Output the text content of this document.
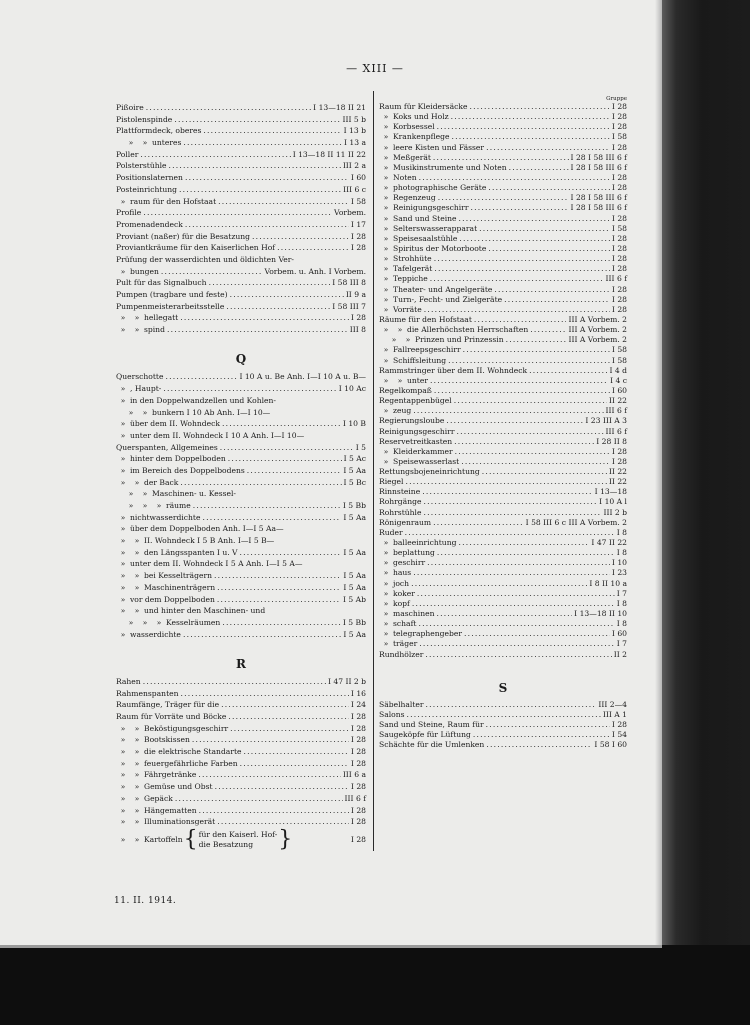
— XIII —
Pißoire . . .	I 13—18 II 21
Pistolenspinde . . .	III 5 b
Plattformdeck, oberes . . .	I 13 b
» » unteres . . .	I 13 a
Poller . . .	I 13—18 II 11 II 22
Polsterstühle . . .	III 2 a
Positionslaternen . . .	I 60
Posteinrichtung . . .	III 6 c
» raum für den Hofstaat . . .	I 58
Profile . . .	Vorbem.
Promenadendeck . . .	I 17
Proviant (naßer) für die Besatzung . . .	I 28
Proviantkräume für den Kaiserlichen Hof . . .	I 28
Prüfung der wasserdichten und öldichten Ver-
» bungen . . .	Vorbem. u. Anh. I Vorbem.
Pult für das Signalbuch . . .	I 58 III 8
Pumpen (tragbare und feste) . . .	II 9 a
Pumpenmeisterarbeitsstelle . . .	I 58 III 7
» » hellegatt . . .	I 28
» » spind . . .	III 8
Q
Querschotte . . .	I 10 A u. Be Anh. I—I 10 A u. B—
» , Haupt- . . .	I 10 Ac
» in den Doppelwandzellen und Kohlen-
» » bunkern I 10 Ab Anh. I—I 10—
» über dem II. Wohndeck . . .	I 10 B
» unter dem II. Wohndeck I 10 A Anh. I—I 10—
Querspanten, Allgemeines . . .	I 5
» hinter dem Doppelboden . . .	I 5 Ac
» im Bereich des Doppelbodens . . .	I 5 Aa
» » der Back . . .	I 5 Bc
» » Maschinen- u. Kessel-
» » » räume . . .	I 5 Bb
» nichtwasserdichte . . .	I 5 Aa
» über dem Doppelboden Anh. I—I 5 Aa—
» » II. Wohndeck I 5 B Anh. I—I 5 B—
» » den Längsspanten I u. V . . .	I 5 Aa
» unter dem II. Wohndeck I 5 A Anh. I—I 5 A—
» » bei Kesselträgern . . .	I 5 Aa
» » Maschinenträgern . . .	I 5 Aa
» vor dem Doppelboden . . .	I 5 Ab
» » und hinter den Maschinen- und
» » » Kesselräumen . . .	I 5 Bb
» wasserdichte . . .	I 5 Aa
R
Rahen . . .	I 47 II 2 b
Rahmenspanten . . .	I 16
Raumfänge, Träger für die . . .	I 24
Raum für Vorräte und Böcke . . .	I 28
» » Beköstigungsgeschirr . . .	I 28
» » Bootskissen . . .	I 28
» » die elektrische Standarte . . .	I 28
» » feuergefährliche Farben . . .	I 28
» » Fährgetränke . . .	III 6 a
» » Gemüse und Obst . . .	I 28
» » Gepäck . . .	III 6 f
» » Hängematten . . .	I 28
» » Illuminationsgerät . . .	I 28
»	» Kartoffeln { für den Kaiserl. Hof-
die Besatzung	}	I 28
Gruppe
Raum für Kleidersäcke . . .	I 28
» Koks und Holz . . .	I 28
» Korbsessel . . .	I 28
» Krankenpflege . . .	I 58
» leere Kisten und Fässer . . .	I 28
» Meßgerät . . .	I 28 I 58 III 6 f
» Musikinstrumente und Noten . . .	I 28 I 58 III 6 f
» Noten . . .	I 28
» photographische Geräte . . .	I 28
» Regenzeug . . .	I 28 I 58 III 6 f
» Reinigungsgeschirr . . .	I 28 I 58 III 6 f
» Sand und Steine . . .	I 28
» Selterswasserapparat . . .	I 58
» Speisesaalstühle . . .	I 28
» Spiritus der Motorboote . . .	I 28
» Strohhüte . . .	I 28
» Tafelgerät . . .	I 28
» Teppiche . . .	III 6 f
» Theater- und Angelgeräte . . .	I 28
» Turn-, Fecht- und Zielgeräte . . .	I 28
» Vorräte . . .	I 28
Räume für den Hofstaat . . .	III A Vorbem. 2
» » die Allerhöchsten Herrschaften . . .	III A Vorbem. 2
» » Prinzen und Prinzessin . . .	III A Vorbem. 2
» Fallreepsgeschirr . . .	I 58
» Schiffsleitung . . .	I 58
Rammstringer über dem II. Wohndeck . . .	I 4 d
» » unter . . .	I 4 c
Regelkompaß . . .	I 60
Regentappenbügel . . .	II 22
» zeug . . .	III 6 f
Regierungsloube . . .	I 23 III A 3
Reinigungsgeschirr . . .	III 6 f
Reservetreitkasten . . .	I 28 II 8
» Kleiderkammer . . .	I 28
» Speisewasserlast . . .	I 28
Rettungsbojeneinrichtung . . .	II 22
Riegel . . .	II 22
Rinnsteine . . .	I 13—18
Rohrgänge . . .	I 10 A l
Rohrstühle . . .	III 2 b
Rönigenraum . . .	I 58 III 6 c III A Vorbem. 2
Ruder . . .	I 8
» balleeinrichtung . . .	I 47 II 22
» beplattung . . .	I 8
» geschirr . . .	I 10
» haus . . .	I 23
» joch . . .	I 8 II 10 a
» koker . . .	I 7
» kopf . . .	I 8
» maschinen . . .	I 13—18 II 10
» schaft . . .	I 8
» telegraphengeber . . .	I 60
» träger . . .	I 7
Rundhölzer . . .	II 2
S
Säbelhalter . . .	III 2—4
Salons . . .	III A 1
Sand und Steine, Raum für . . .	I 28
Saugeköpfe für Lüftung . . .	I 54
Schächte für die Umlenken . . .	I 58 I 60
11. II. 1914.
